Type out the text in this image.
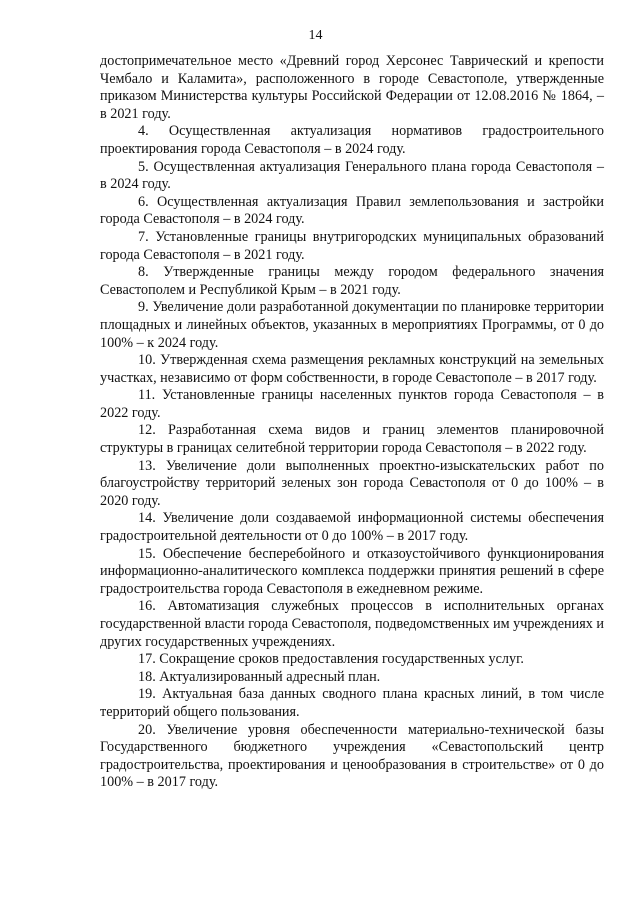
14

достопримечательное место «Древний город Херсонес Таврический и крепости Чембало и Каламита», расположенного в городе Севастополе, утвержденные приказом Министерства культуры Российской Федерации от 12.08.2016 № 1864, – в 2021 году.

4. Осуществленная актуализация нормативов градостроительного проектирования города Севастополя – в 2024 году.

5. Осуществленная актуализация Генерального плана города Севастополя – в 2024 году.

6. Осуществленная актуализация Правил землепользования и застройки города Севастополя – в 2024 году.

7. Установленные границы внутригородских муниципальных образований города Севастополя – в 2021 году.

8. Утвержденные границы между городом федерального значения Севастополем и Республикой Крым – в 2021 году.

9. Увеличение доли разработанной документации по планировке территории площадных и линейных объектов, указанных в мероприятиях Программы, от 0 до 100% – к 2024 году.

10. Утвержденная схема размещения рекламных конструкций на земельных участках, независимо от форм собственности, в городе Севастополе – в 2017 году.

11. Установленные границы населенных пунктов города Севастополя – в 2022 году.

12. Разработанная схема видов и границ элементов планировочной структуры в границах селитебной территории города Севастополя – в 2022 году.

13. Увеличение доли выполненных проектно-изыскательских работ по благоустройству территорий зеленых зон города Севастополя от 0 до 100% – в 2020 году.

14. Увеличение доли создаваемой информационной системы обеспечения градостроительной деятельности от 0 до 100% – в 2017 году.

15. Обеспечение бесперебойного и отказоустойчивого функционирования информационно-аналитического комплекса поддержки принятия решений в сфере градостроительства города Севастополя в ежедневном режиме.

16. Автоматизация служебных процессов в исполнительных органах государственной власти города Севастополя, подведомственных им учреждениях и других государственных учреждениях.

17. Сокращение сроков предоставления государственных услуг.

18. Актуализированный адресный план.

19. Актуальная база данных сводного плана красных линий, в том числе территорий общего пользования.

20. Увеличение уровня обеспеченности материально-технической базы Государственного бюджетного учреждения «Севастопольский центр градостроительства, проектирования и ценообразования в строительстве» от 0 до 100% – в 2017 году.
